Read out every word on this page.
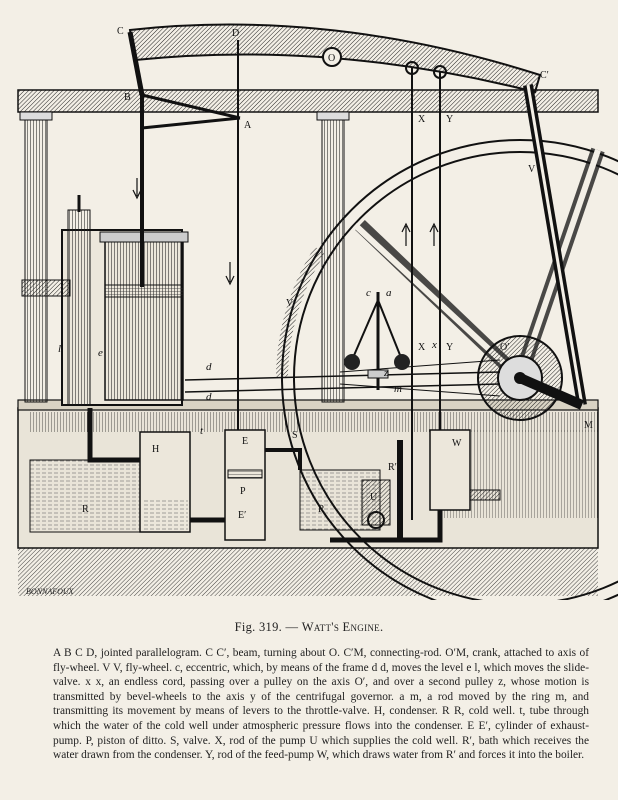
C	D
O
C′
B
A
X Y
V
V
M
d
d
l	e
a
c
x
z
m
H
R
E
P
E′
S
R
t
U
W
R′
X Y	O′
BONNAFOUX
Fig. 319. — Watt's Engine.
A B C D, jointed parallelogram. C C′, beam, turning about O. C′M, connecting-rod. O′M, crank, attached to axis of fly-wheel. V V, fly-wheel. c, eccentric, which, by means of the frame d d, moves the level e l, which moves the slide-valve. x x, an endless cord, passing over a pulley on the axis O′, and over a second pulley z, whose motion is transmitted by bevel-wheels to the axis y of the centrifugal governor. a m, a rod moved by the ring m, and transmitting its movement by means of levers to the throttle-valve. H, condenser. R R, cold well. t, tube through which the water of the cold well under atmospheric pressure flows into the condenser. E E′, cylinder of exhaust-pump. P, piston of ditto. S, valve. X, rod of the pump U which supplies the cold well. R′, bath which receives the water drawn from the condenser. Y, rod of the feed-pump W, which draws water from R′ and forces it into the boiler.
